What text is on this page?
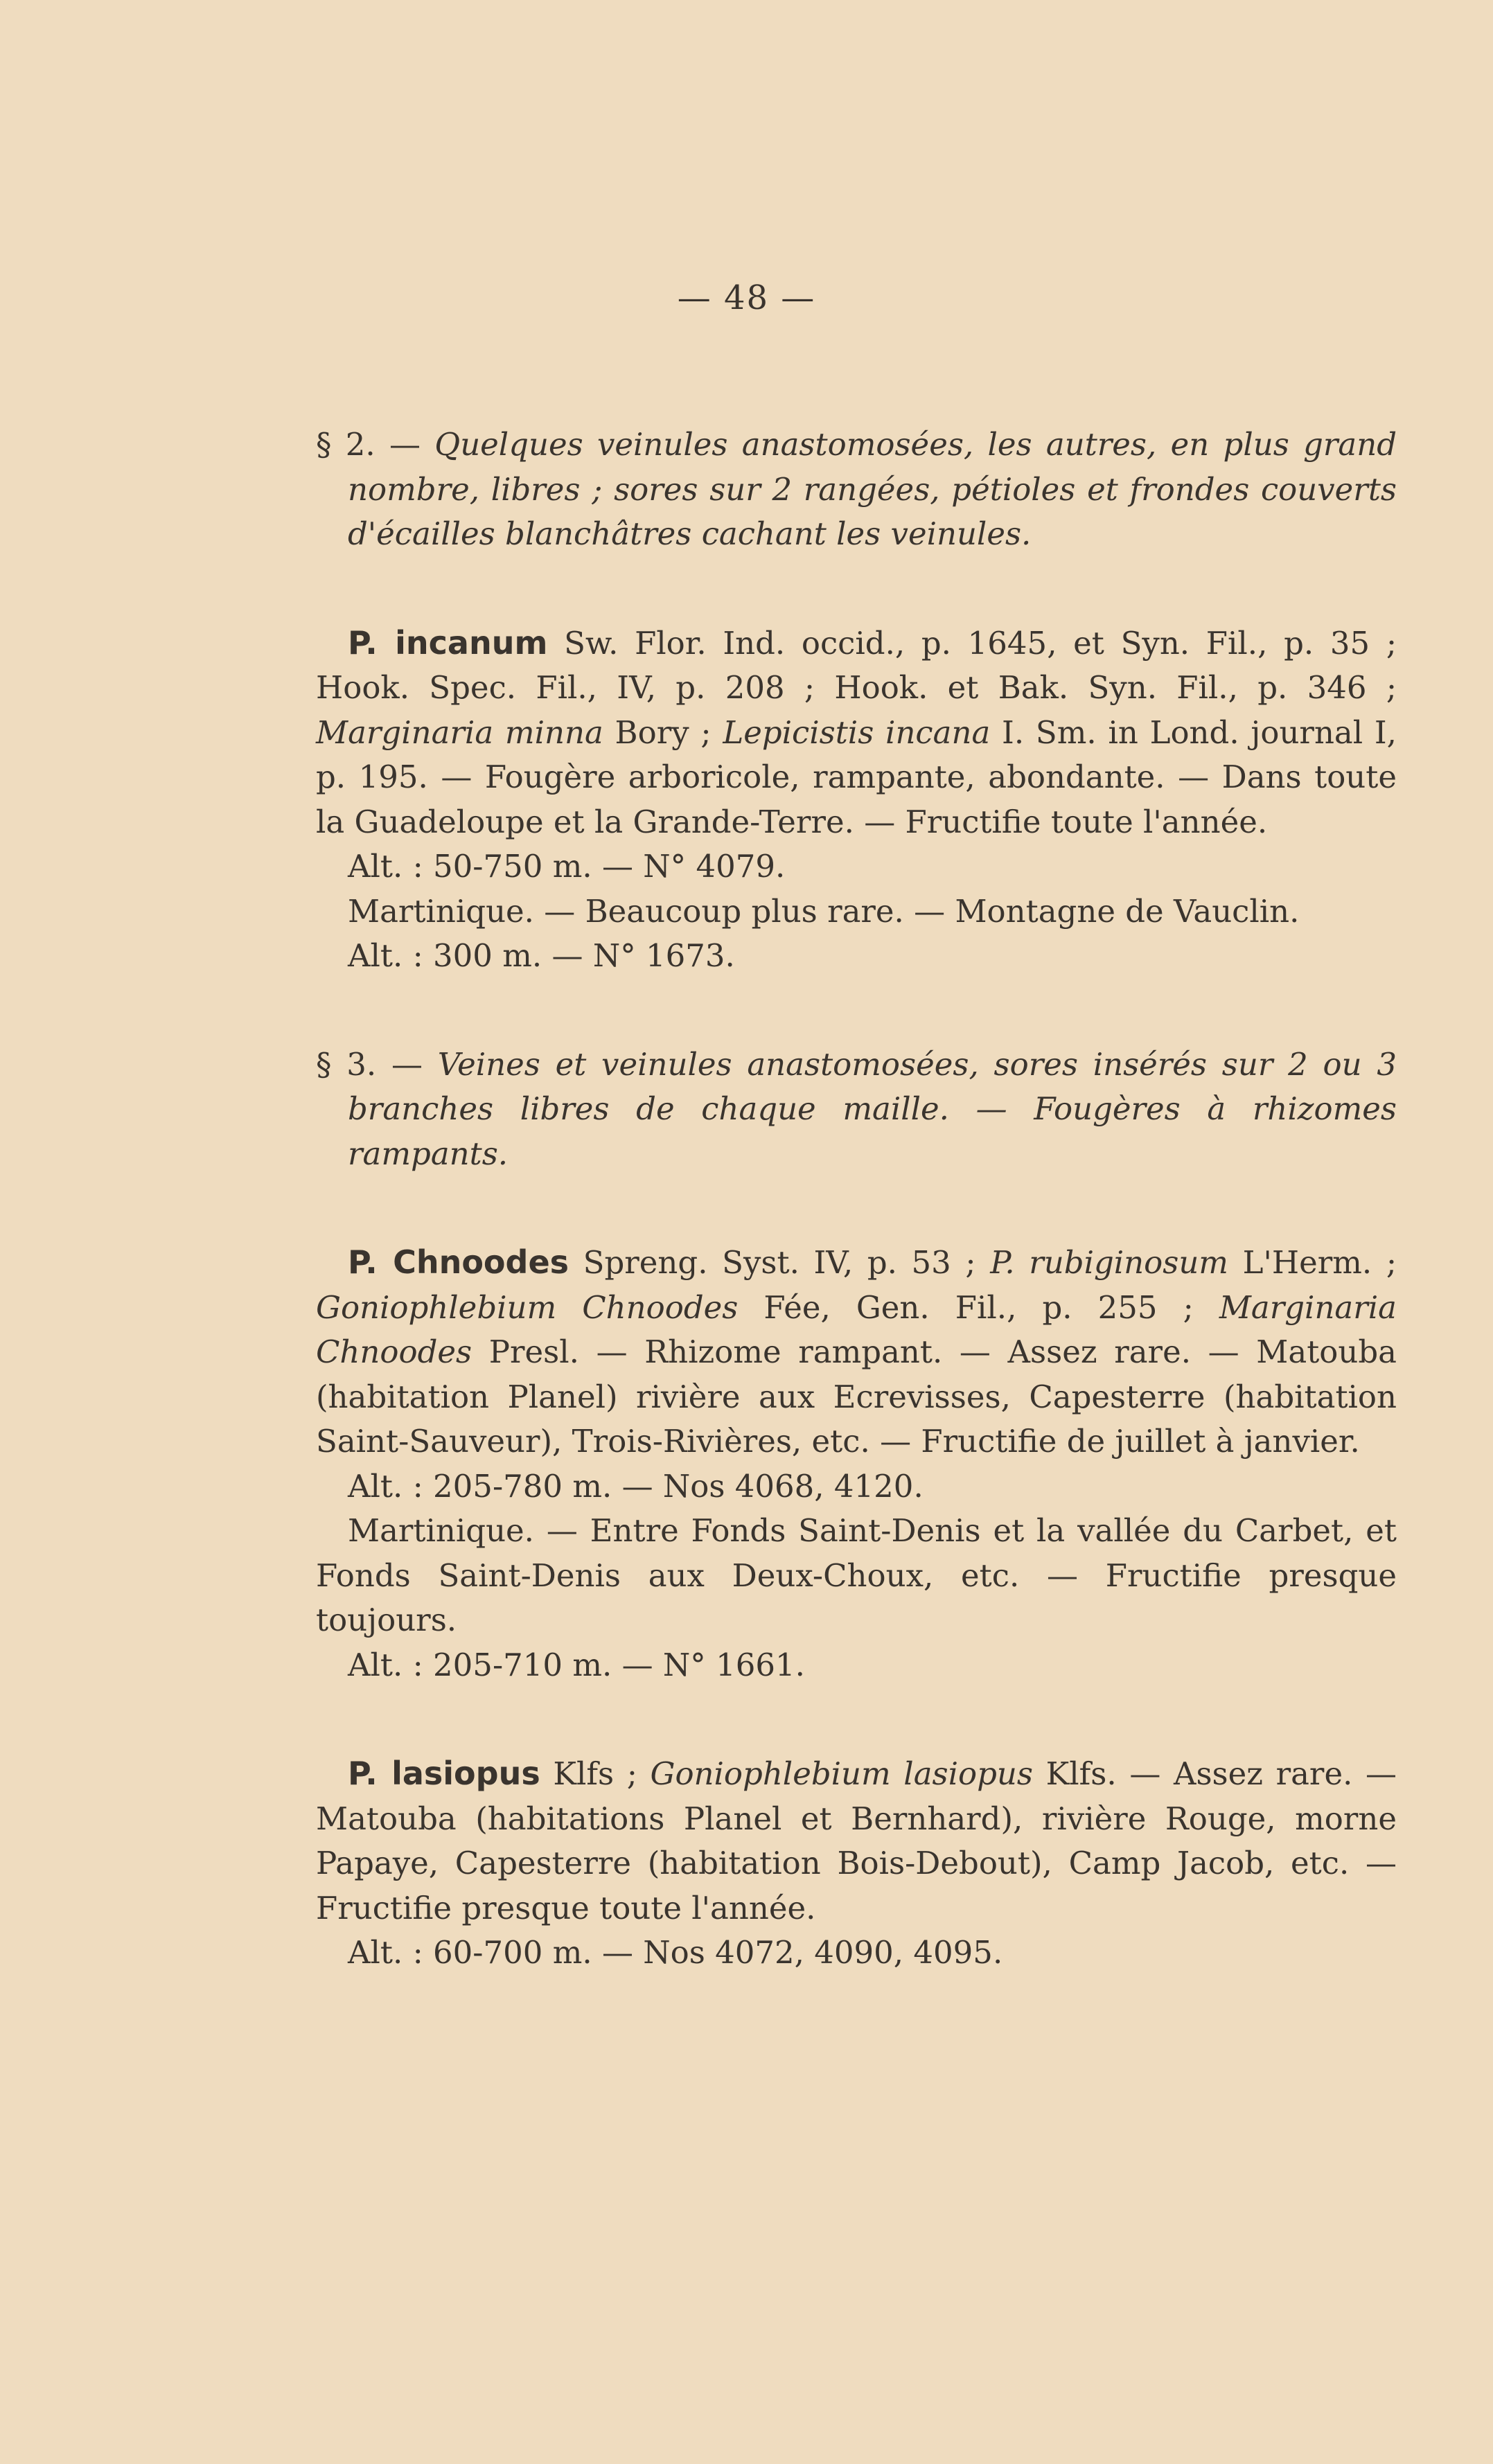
— 48 —

§ 2. — Quelques veinules anastomosées, les autres, en plus grand nombre, libres ; sores sur 2 rangées, pétioles et frondes couverts d'écailles blanchâtres cachant les veinules.

P. incanum Sw. Flor. Ind. occid., p. 1645, et Syn. Fil., p. 35 ; Hook. Spec. Fil., IV, p. 208 ; Hook. et Bak. Syn. Fil., p. 346 ; Marginaria minna Bory ; Lepicistis incana I. Sm. in Lond. journal I, p. 195. — Fougère arboricole, rampante, abondante. — Dans toute la Guadeloupe et la Grande-Terre. — Fructifie toute l'année.

Alt. : 50-750 m. — N° 4079.

Martinique. — Beaucoup plus rare. — Montagne de Vauclin.

Alt. : 300 m. — N° 1673.

§ 3. — Veines et veinules anastomosées, sores insérés sur 2 ou 3 branches libres de chaque maille. — Fougères à rhizomes rampants.

P. Chnoodes Spreng. Syst. IV, p. 53 ; P. rubiginosum L'Herm. ; Goniophlebium Chnoodes Fée, Gen. Fil., p. 255 ; Marginaria Chnoodes Presl. — Rhizome rampant. — Assez rare. — Matouba (habitation Planel) rivière aux Ecrevisses, Capesterre (habitation Saint-Sauveur), Trois-Rivières, etc. — Fructifie de juillet à janvier.

Alt. : 205-780 m. — Nos 4068, 4120.

Martinique. — Entre Fonds Saint-Denis et la vallée du Carbet, et Fonds Saint-Denis aux Deux-Choux, etc. — Fructifie presque toujours.

Alt. : 205-710 m. — N° 1661.

P. lasiopus Klfs ; Goniophlebium lasiopus Klfs. — Assez rare. — Matouba (habitations Planel et Bernhard), rivière Rouge, morne Papaye, Capesterre (habitation Bois-Debout), Camp Jacob, etc. — Fructifie presque toute l'année.

Alt. : 60-700 m. — Nos 4072, 4090, 4095.
